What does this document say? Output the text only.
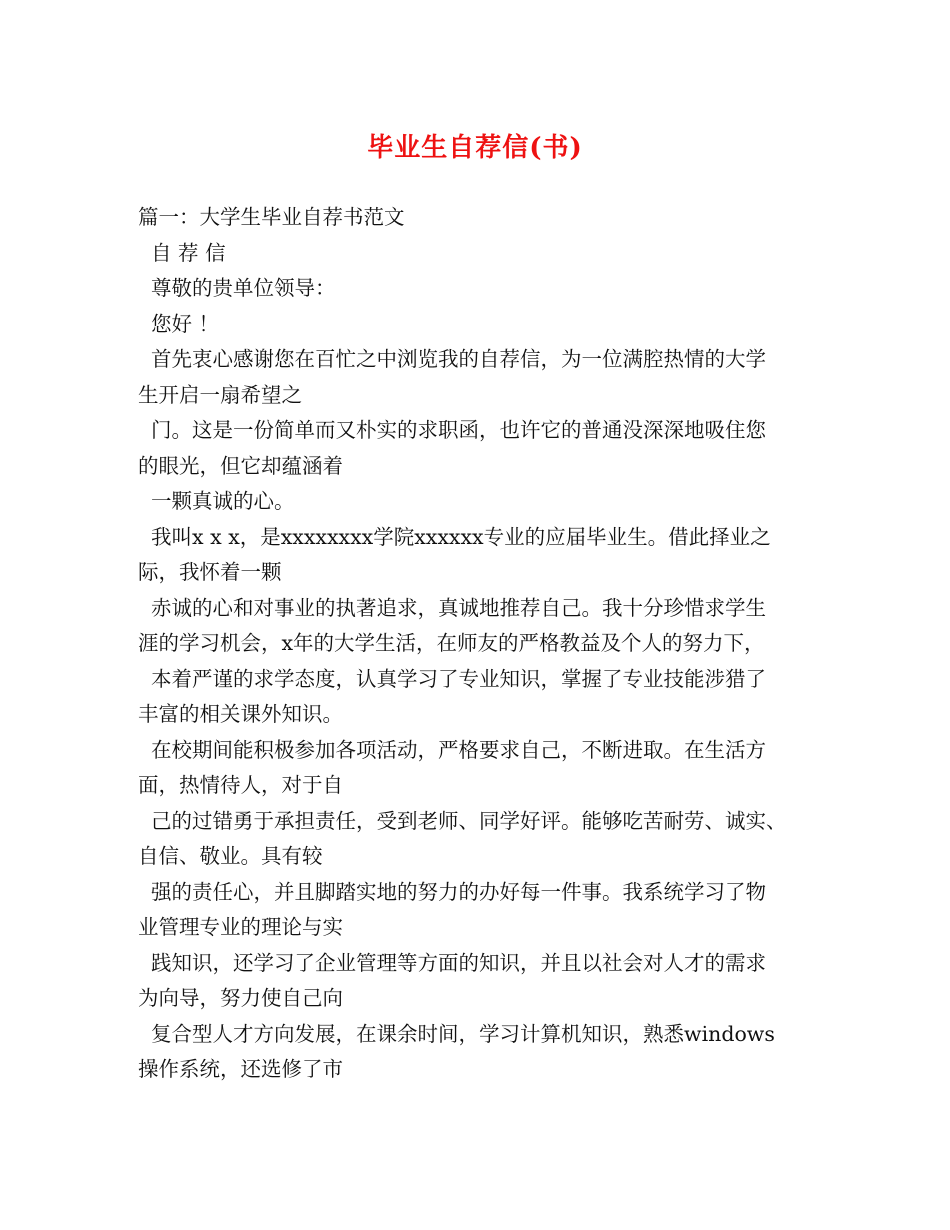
毕业生自荐信(书)
篇一：大学生毕业自荐书范文
自 荐 信
尊敬的贵单位领导：
您好 ！
首先衷心感谢您在百忙之中浏览我的自荐信，为一位满腔热情的大学
生开启一扇希望之
门。这是一份简单而又朴实的求职函，也许它的普通没深深地吸住您
的眼光，但它却蕴涵着
一颗真诚的心。
我叫x x x，是xxxxxxxx学院xxxxxx专业的应届毕业生。借此择业之
际，我怀着一颗
赤诚的心和对事业的执著追求，真诚地推荐自己。我十分珍惜求学生
涯的学习机会，x年的大学生活，在师友的严格教益及个人的努力下，
本着严谨的求学态度，认真学习了专业知识，掌握了专业技能涉猎了
丰富的相关课外知识。
在校期间能积极参加各项活动，严格要求自己，不断进取。在生活方
面，热情待人，对于自
己的过错勇于承担责任，受到老师、同学好评。能够吃苦耐劳、诚实、
自信、敬业。具有较
强的责任心，并且脚踏实地的努力的办好每一件事。我系统学习了物
业管理专业的理论与实
践知识，还学习了企业管理等方面的知识，并且以社会对人才的需求
为向导，努力使自己向
复合型人才方向发展，在课余时间，学习计算机知识，熟悉windows
操作系统，还选修了市
